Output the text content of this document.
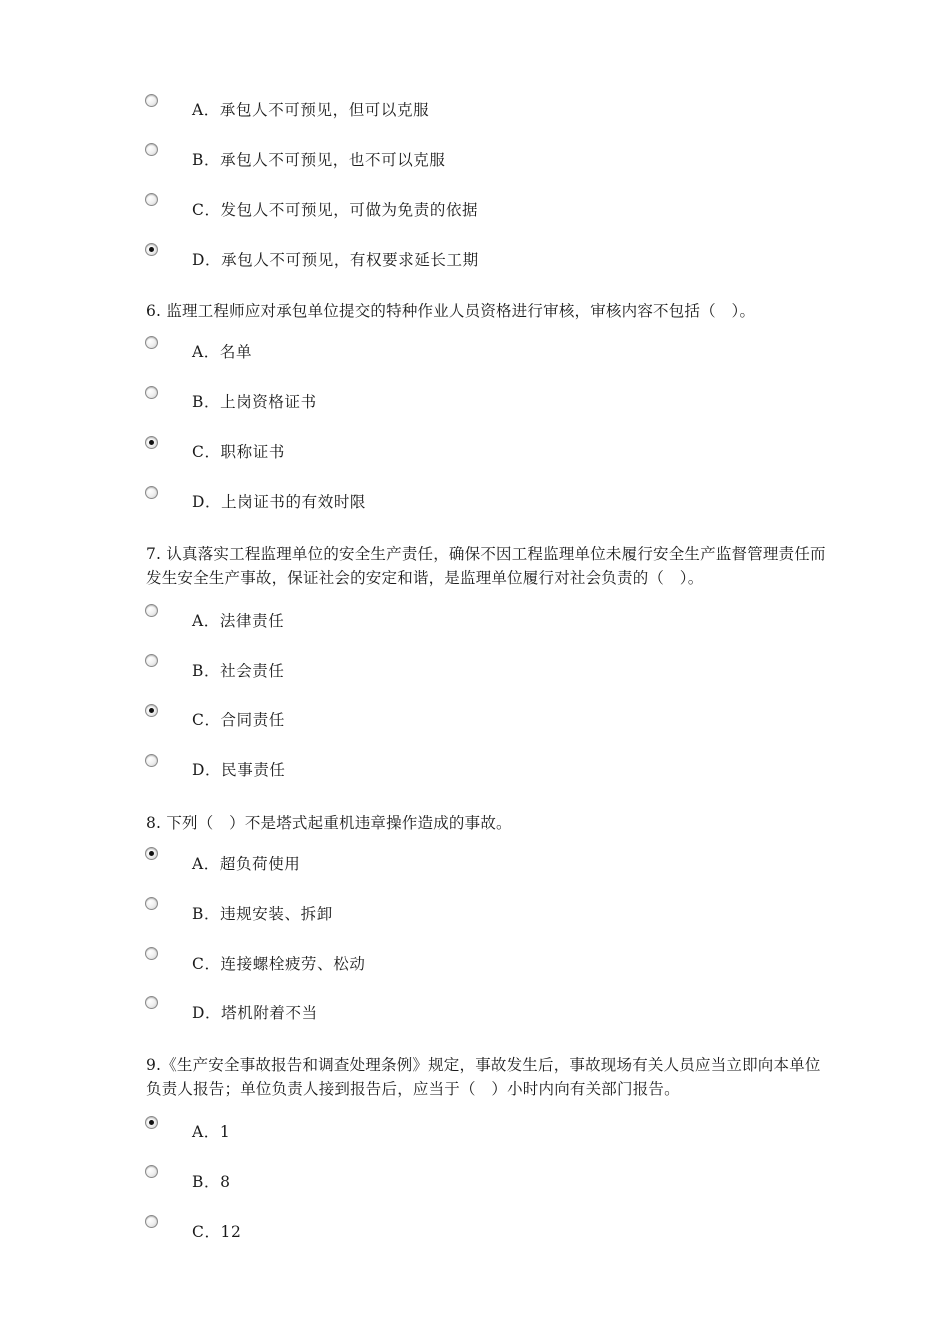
A．承包人不可预见，但可以克服

B．承包人不可预见，也不可以克服

C．发包人不可预见，可做为免责的依据

D．承包人不可预见，有权要求延长工期

6. 监理工程师应对承包单位提交的特种作业人员资格进行审核，审核内容不包括（　）。

A．名单

B．上岗资格证书

C．职称证书

D．上岗证书的有效时限

7. 认真落实工程监理单位的安全生产责任，确保不因工程监理单位未履行安全生产监督管理责任而发生安全生产事故，保证社会的安定和谐，是监理单位履行对社会负责的（　）。

A．法律责任

B．社会责任

C．合同责任

D．民事责任

8. 下列（　）不是塔式起重机违章操作造成的事故。

A．超负荷使用

B．违规安装、拆卸

C．连接螺栓疲劳、松动

D．塔机附着不当

9.《生产安全事故报告和调查处理条例》规定，事故发生后，事故现场有关人员应当立即向本单位负责人报告；单位负责人接到报告后，应当于（　）小时内向有关部门报告。

A．1

B．8

C．12
